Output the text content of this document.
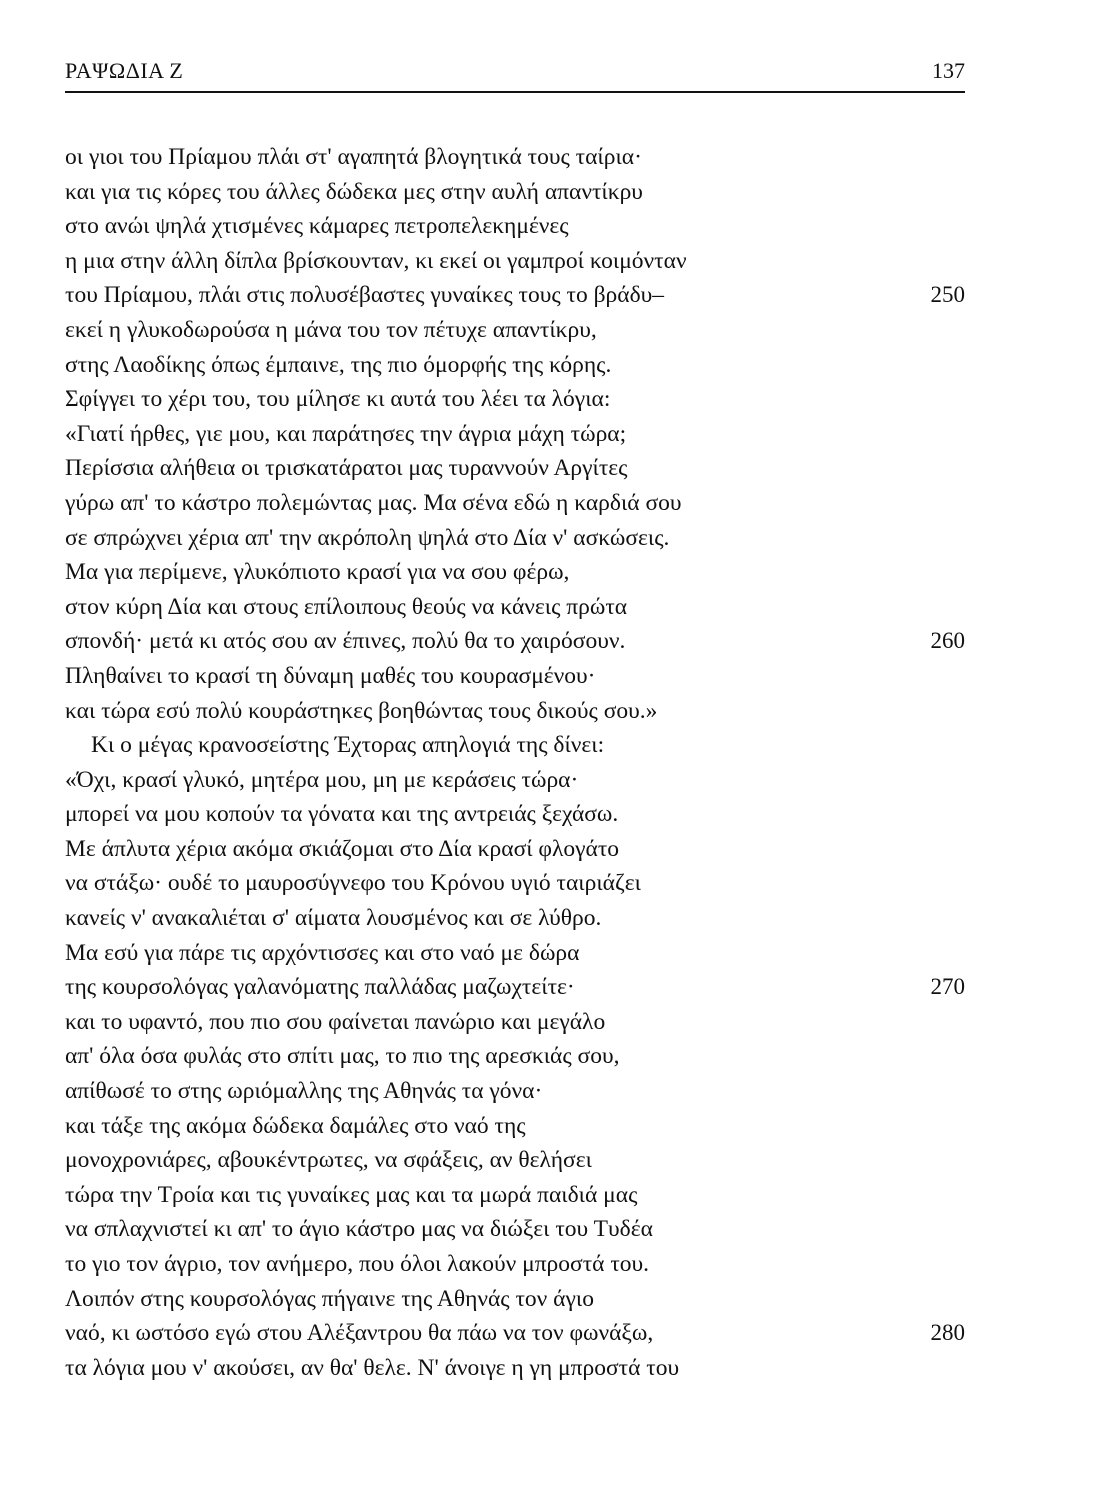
ΡΑΨΩΔΙΑ Ζ	137
οι γιοι του Πρίαμου πλάι στ' αγαπητά βλογητικά τους ταίρια·
και για τις κόρες του άλλες δώδεκα μες στην αυλή απαντίκρυ
στο ανώι ψηλά χτισμένες κάμαρες πετροπελεκημένες
η μια στην άλλη δίπλα βρίσκουνταν, κι εκεί οι γαμπροί κοιμόνταν
του Πρίαμου, πλάι στις πολυσέβαστες γυναίκες τους το βράδυ–	250
εκεί η γλυκοδωρούσα η μάνα του τον πέτυχε απαντίκρυ,
στης Λαοδίκης όπως έμπαινε, της πιο όμορφής της κόρης.
Σφίγγει το χέρι του, του μίλησε κι αυτά του λέει τα λόγια:
«Γιατί ήρθες, γιε μου, και παράτησες την άγρια μάχη τώρα;
Περίσσια αλήθεια οι τρισκατάρατοι μας τυραννούν Αργίτες
γύρω απ' το κάστρο πολεμώντας μας. Μα σένα εδώ η καρδιά σου
σε σπρώχνει χέρια απ' την ακρόπολη ψηλά στο Δία ν' ασκώσεις.
Μα για περίμενε, γλυκόπιοτο κρασί για να σου φέρω,
στον κύρη Δία και στους επίλοιπους θεούς να κάνεις πρώτα
σπονδή· μετά κι ατός σου αν έπινες, πολύ θα το χαιρόσουν.	260
Πληθαίνει το κρασί τη δύναμη μαθές του κουρασμένου·
και τώρα εσύ πολύ κουράστηκες βοηθώντας τους δικούς σου.»
Κι ο μέγας κρανοσείστης Έχτορας απηλογιά της δίνει:
«Όχι, κρασί γλυκό, μητέρα μου, μη με κεράσεις τώρα·
μπορεί να μου κοπούν τα γόνατα και της αντρειάς ξεχάσω.
Με άπλυτα χέρια ακόμα σκιάζομαι στο Δία κρασί φλογάτο
να στάξω· ουδέ το μαυροσύγνεφο του Κρόνου υγιό ταιριάζει
κανείς ν' ανακαλιέται σ' αίματα λουσμένος και σε λύθρο.
Μα εσύ για πάρε τις αρχόντισσες και στο ναό με δώρα
της κουρσολόγας γαλανόματης παλλάδας μαζωχτείτε·	270
και το υφαντό, που πιο σου φαίνεται πανώριο και μεγάλο
απ' όλα όσα φυλάς στο σπίτι μας, το πιο της αρεσκιάς σου,
απίθωσέ το στης ωριόμαλλης της Αθηνάς τα γόνα·
και τάξε της ακόμα δώδεκα δαμάλες στο ναό της
μονοχρονιάρες, αβουκέντρωτες, να σφάξεις, αν θελήσει
τώρα την Τροία και τις γυναίκες μας και τα μωρά παιδιά μας
να σπλαχνιστεί κι απ' το άγιο κάστρο μας να διώξει του Τυδέα
το γιο τον άγριο, τον ανήμερο, που όλοι λακούν μπροστά του.
Λοιπόν στης κουρσολόγας πήγαινε της Αθηνάς τον άγιο
ναό, κι ωστόσο εγώ στου Αλέξαντρου θα πάω να τον φωνάξω,	280
τα λόγια μου ν' ακούσει, αν θα' θελε. Ν' άνοιγε η γη μπροστά του
